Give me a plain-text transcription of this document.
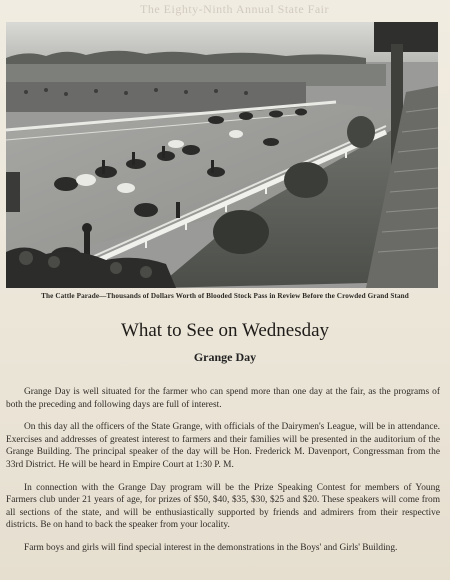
The Eighty-Ninth Annual State Fair
The Cattle Parade—Thousands of Dollars Worth of Blooded Stock Pass in Review Before the Crowded Grand Stand
What to See on Wednesday
Grange Day

Grange Day is well situated for the farmer who can spend more than one day at the fair, as the programs of both the preceding and following days are full of interest.

On this day all the officers of the State Grange, with officials of the Dairymen's League, will be in attendance. Exercises and addresses of greatest interest to farmers and their families will be presented in the auditorium of the Grange Building. The principal speaker of the day will be Hon. Frederick M. Davenport, Congressman from the 33rd District. He will be heard in Empire Court at 1:30 P. M.

In connection with the Grange Day program will be the Prize Speaking Contest for members of Young Farmers club under 21 years of age, for prizes of $50, $40, $35, $30, $25 and $20. These speakers will come from all sections of the state, and will be enthusiastically supported by friends and admirers from their respective districts. Be on hand to back the speaker from your locality.

Farm boys and girls will find special interest in the demonstrations in the Boys' and Girls' Building.
